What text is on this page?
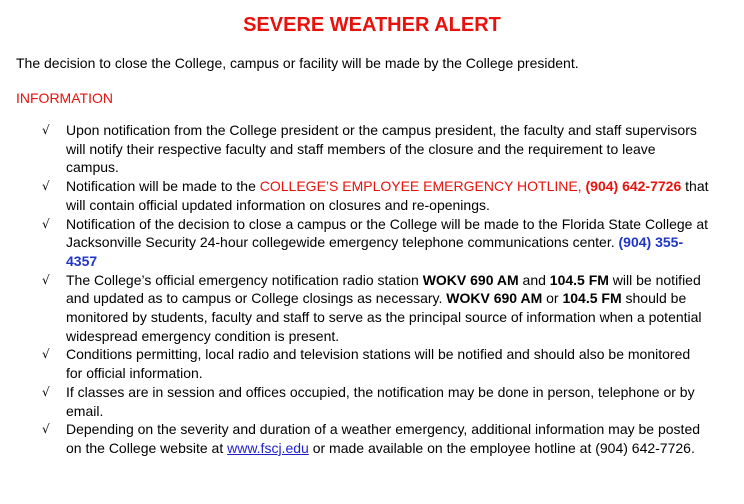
SEVERE WEATHER ALERT

The decision to close the College, campus or facility will be made by the College president.

INFORMATION

√	Upon notification from the College president or the campus president, the faculty and staff supervisors will notify their respective faculty and staff members of the closure and the requirement to leave campus.
√	Notification will be made to the COLLEGE’S EMPLOYEE EMERGENCY HOTLINE, (904) 642-7726 that will contain official updated information on closures and re-openings.
√	Notification of the decision to close a campus or the College will be made to the Florida State College at Jacksonville Security 24-hour collegewide emergency telephone communications center. (904) 355-4357
√	The College’s official emergency notification radio station WOKV 690 AM and 104.5 FM will be notified and updated as to campus or College closings as necessary. WOKV 690 AM or 104.5 FM should be monitored by students, faculty and staff to serve as the principal source of information when a potential widespread emergency condition is present.
√	Conditions permitting, local radio and television stations will be notified and should also be monitored for official information.
√	If classes are in session and offices occupied, the notification may be done in person, telephone or by email.
√	Depending on the severity and duration of a weather emergency, additional information may be posted on the College website at www.fscj.edu or made available on the employee hotline at (904) 642-7726.
